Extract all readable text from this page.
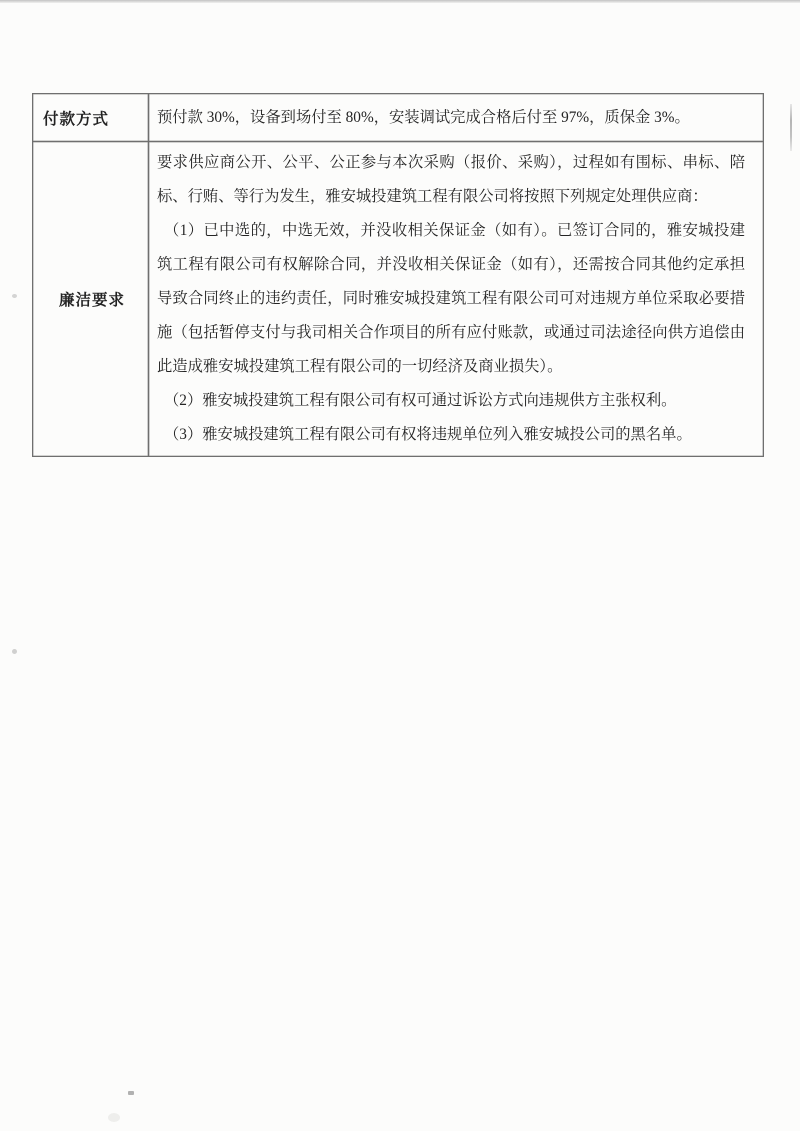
付款方式	预付款 30%，设备到场付至 80%，安装调试完成合格后付至 97%，质保金 3%。

廉洁要求	要求供应商公开、公平、公正参与本次采购（报价、采购），过程如有围标、串标、陪标、行贿、等行为发生，雅安城投建筑工程有限公司将按照下列规定处理供应商：

（1）已中选的，中选无效，并没收相关保证金（如有）。已签订合同的，雅安城投建筑工程有限公司有权解除合同，并没收相关保证金（如有），还需按合同其他约定承担导致合同终止的违约责任，同时雅安城投建筑工程有限公司可对违规方单位采取必要措施（包括暂停支付与我司相关合作项目的所有应付账款，或通过司法途径向供方追偿由此造成雅安城投建筑工程有限公司的一切经济及商业损失）。

（2）雅安城投建筑工程有限公司有权可通过诉讼方式向违规供方主张权利。

（3）雅安城投建筑工程有限公司有权将违规单位列入雅安城投公司的黑名单。
